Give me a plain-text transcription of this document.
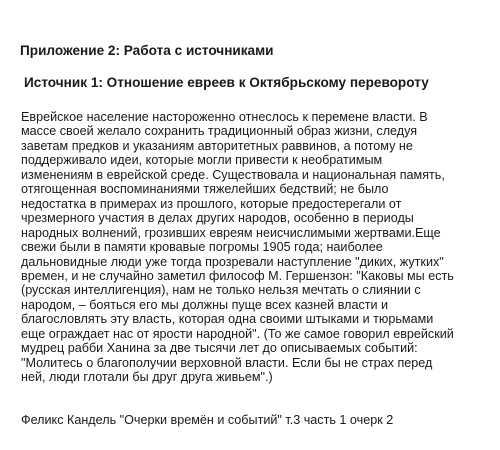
Приложение 2: Работа с источниками
Источник 1: Отношение евреев к Октябрьскому перевороту

Еврейское население настороженно отнеслось к перемене власти. В
массе своей желало сохранить традиционный образ жизни, следуя
заветам предков и указаниям авторитетных раввинов, а потому не
поддерживало идеи, которые могли привести к необратимым
изменениям в еврейской среде. Существовала и национальная память,
отягощенная воспоминаниями тяжелейших бедствий; не было
недостатка в примерах из прошлого, которые предостерегали от
чрезмерного участия в делах других народов, особенно в периоды
народных волнений, грозивших евреям неисчислимыми жертвами.Еще
свежи были в памяти кровавые погромы 1905 года; наиболее
дальновидные люди уже тогда прозревали наступление "диких, жутких"
времен, и не случайно заметил философ М. Гершензон: "Каковы мы есть
(русская интеллигенция), нам не только нельзя мечтать о слиянии с
народом, – бояться его мы должны пуще всех казней власти и
благословлять эту власть, которая одна своими штыками и тюрьмами
еще ограждает нас от ярости народной". (То же самое говорил еврейский
мудрец рабби Ханина за две тысячи лет до описываемых событий:
"Молитесь о благополучии верховной власти. Если бы не страх перед
ней, люди глотали бы друг друга живьем".)

Феликс Кандель "Очерки времён и событий" т.3 часть 1 очерк 2
